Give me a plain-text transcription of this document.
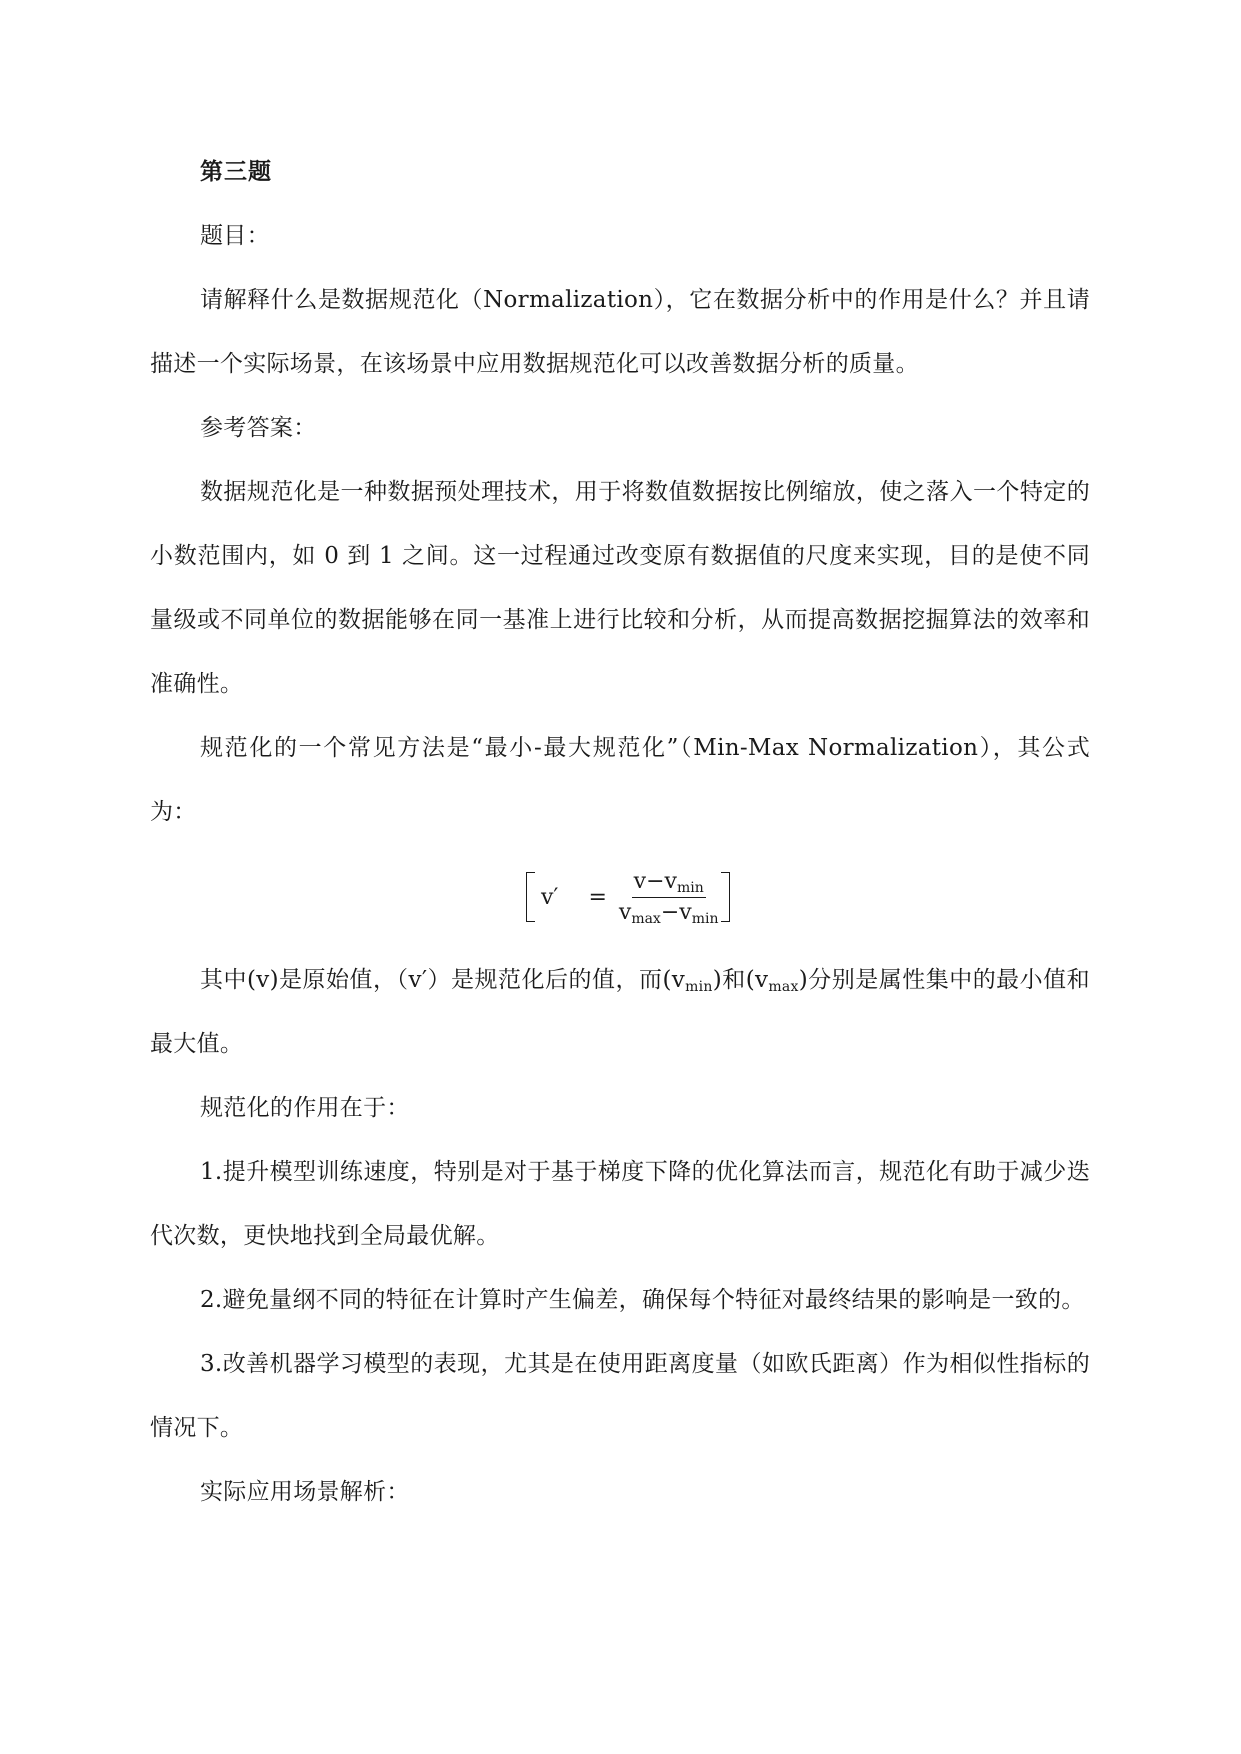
第三题

题目：

请解释什么是数据规范化（Normalization），它在数据分析中的作用是什么？并且请描述一个实际场景，在该场景中应用数据规范化可以改善数据分析的质量。

参考答案：

数据规范化是一种数据预处理技术，用于将数值数据按比例缩放，使之落入一个特定的小数范围内，如 0 到 1 之间。这一过程通过改变原有数据值的尺度来实现，目的是使不同量级或不同单位的数据能够在同一基准上进行比较和分析，从而提高数据挖掘算法的效率和准确性。

规范化的一个常见方法是“最小-最大规范化”（Min-Max Normalization），其公式为：

v′	= $\frac{v-v_{min}}{v_{max}-v_{min}}$

其中(v)是原始值，（v′）是规范化后的值，而$(v_{min})$和$(v_{max})$分别是属性集中的最小值和最大值。

规范化的作用在于：

1.提升模型训练速度，特别是对于基于梯度下降的优化算法而言，规范化有助于减少迭代次数，更快地找到全局最优解。

2.避免量纲不同的特征在计算时产生偏差，确保每个特征对最终结果的影响是一致的。

3.改善机器学习模型的表现，尤其是在使用距离度量（如欧氏距离）作为相似性指标的情况下。

实际应用场景解析：
